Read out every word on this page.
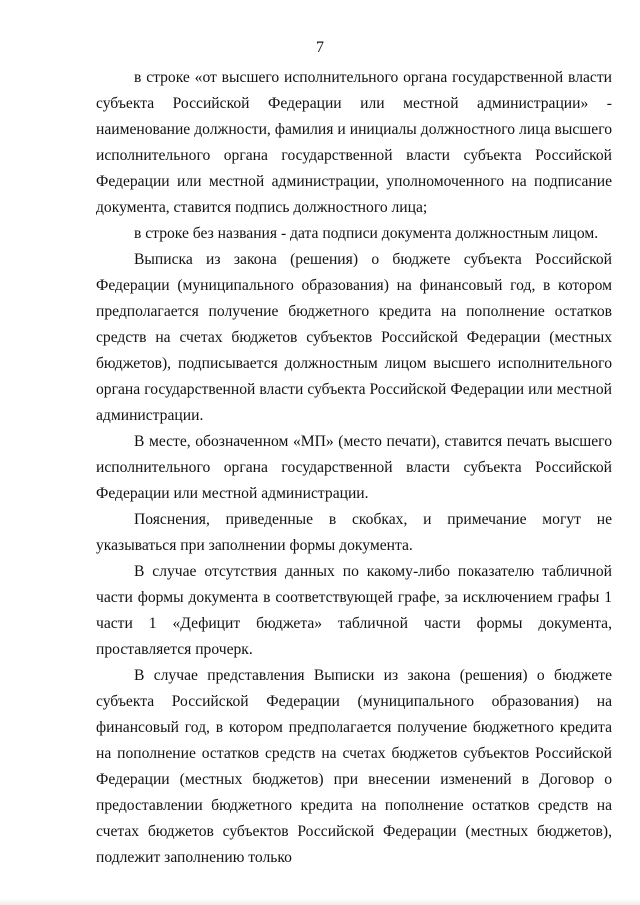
7

в строке «от высшего исполнительного органа государственной власти субъекта Российской Федерации или местной администрации» - наименование должности, фамилия и инициалы должностного лица высшего исполнительного органа государственной власти субъекта Российской Федерации или местной администрации, уполномоченного на подписание документа, ставится подпись должностного лица;

в строке без названия - дата подписи документа должностным лицом.

Выписка из закона (решения) о бюджете субъекта Российской Федерации (муниципального образования) на финансовый год, в котором предполагается получение бюджетного кредита на пополнение остатков средств на счетах бюджетов субъектов Российской Федерации (местных бюджетов), подписывается должностным лицом высшего исполнительного органа государственной власти субъекта Российской Федерации или местной администрации.

В месте, обозначенном «МП» (место печати), ставится печать высшего исполнительного органа государственной власти субъекта Российской Федерации или местной администрации.

Пояснения, приведенные в скобках, и примечание могут не указываться при заполнении формы документа.

В случае отсутствия данных по какому-либо показателю табличной части формы документа в соответствующей графе, за исключением графы 1 части 1 «Дефицит бюджета» табличной части формы документа, проставляется прочерк.

В случае представления Выписки из закона (решения) о бюджете субъекта Российской Федерации (муниципального образования) на финансовый год, в котором предполагается получение бюджетного кредита на пополнение остатков средств на счетах бюджетов субъектов Российской Федерации (местных бюджетов) при внесении изменений в Договор о предоставлении бюджетного кредита на пополнение остатков средств на счетах бюджетов субъектов Российской Федерации (местных бюджетов), подлежит заполнению только
